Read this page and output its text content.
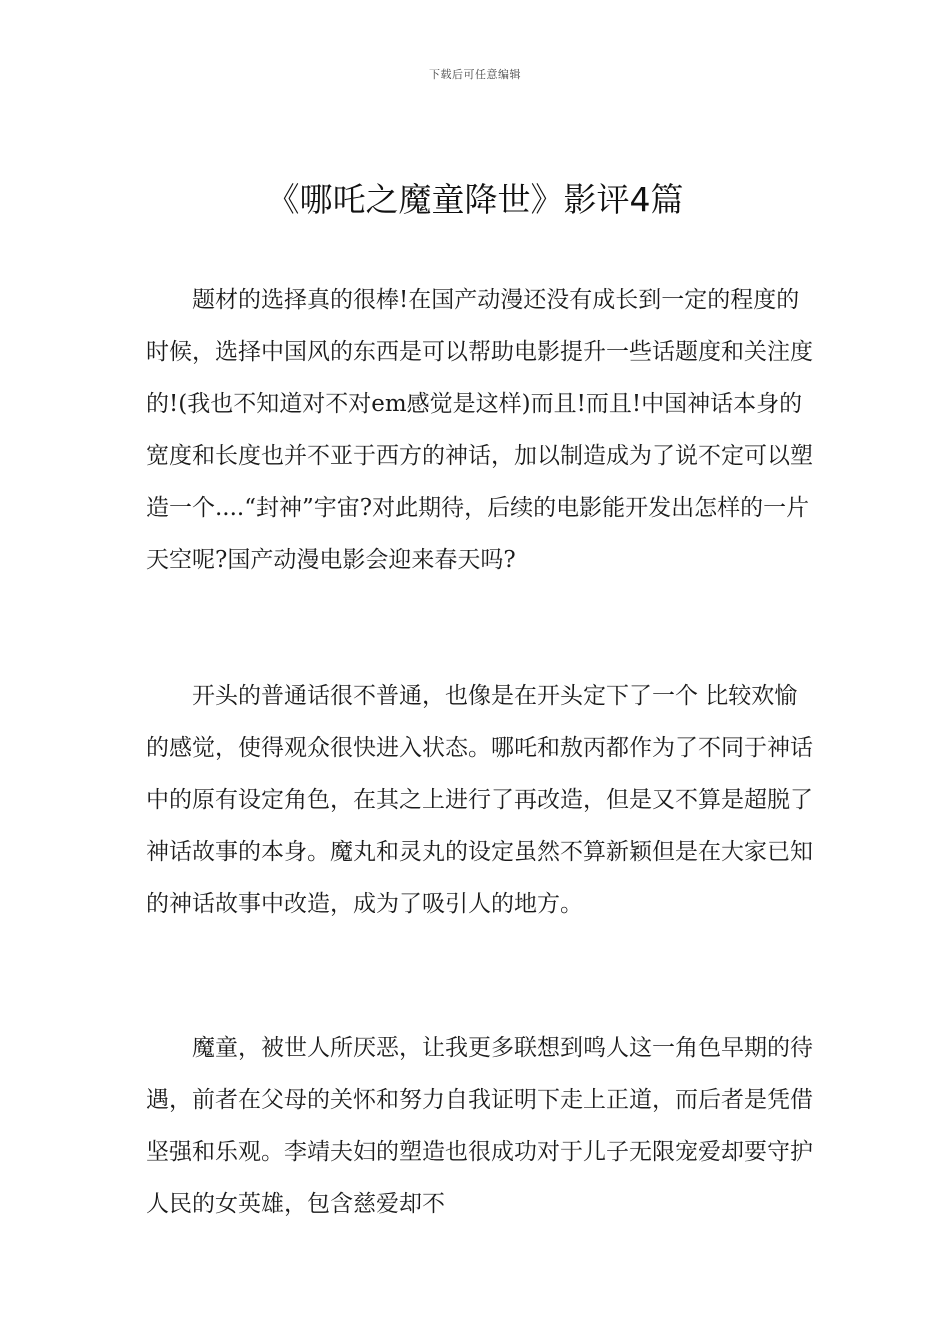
下载后可任意编辑
《哪吒之魔童降世》影评4篇

题材的选择真的很棒!在国产动漫还没有成长到一定的程度的时候，选择中国风的东西是可以帮助电影提升一些话题度和关注度的!(我也不知道对不对em感觉是这样)而且!而且!中国神话本身的宽度和长度也并不亚于西方的神话，加以制造成为了说不定可以塑造一个....“封神”宇宙?对此期待，后续的电影能开发出怎样的一片天空呢?国产动漫电影会迎来春天吗?

开头的普通话很不普通，也像是在开头定下了一个 比较欢愉的感觉，使得观众很快进入状态。哪吒和敖丙都作为了不同于神话中的原有设定角色，在其之上进行了再改造，但是又不算是超脱了神话故事的本身。魔丸和灵丸的设定虽然不算新颖但是在大家已知的神话故事中改造，成为了吸引人的地方。

魔童，被世人所厌恶，让我更多联想到鸣人这一角色早期的待遇，前者在父母的关怀和努力自我证明下走上正道，而后者是凭借坚强和乐观。李靖夫妇的塑造也很成功对于儿子无限宠爱却要守护人民的女英雄，包含慈爱却不
